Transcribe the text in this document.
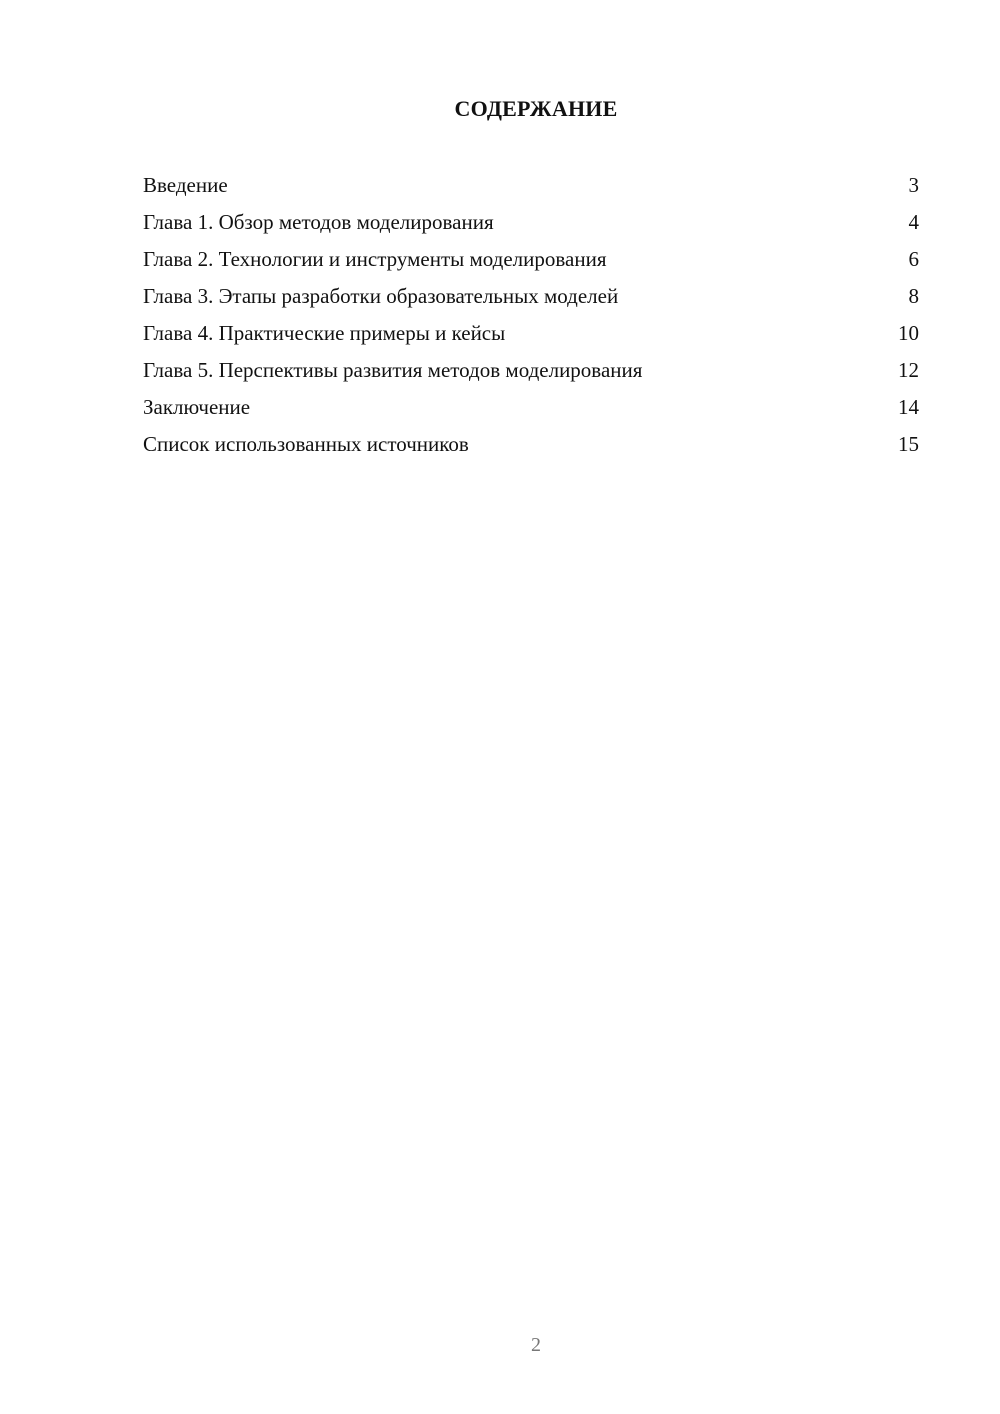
СОДЕРЖАНИЕ
Введение	3
Глава 1. Обзор методов моделирования	4
Глава 2. Технологии и инструменты моделирования	6
Глава 3. Этапы разработки образовательных моделей	8
Глава 4. Практические примеры и кейсы	10
Глава 5. Перспективы развития методов моделирования	12
Заключение	14
Список использованных источников	15
2
